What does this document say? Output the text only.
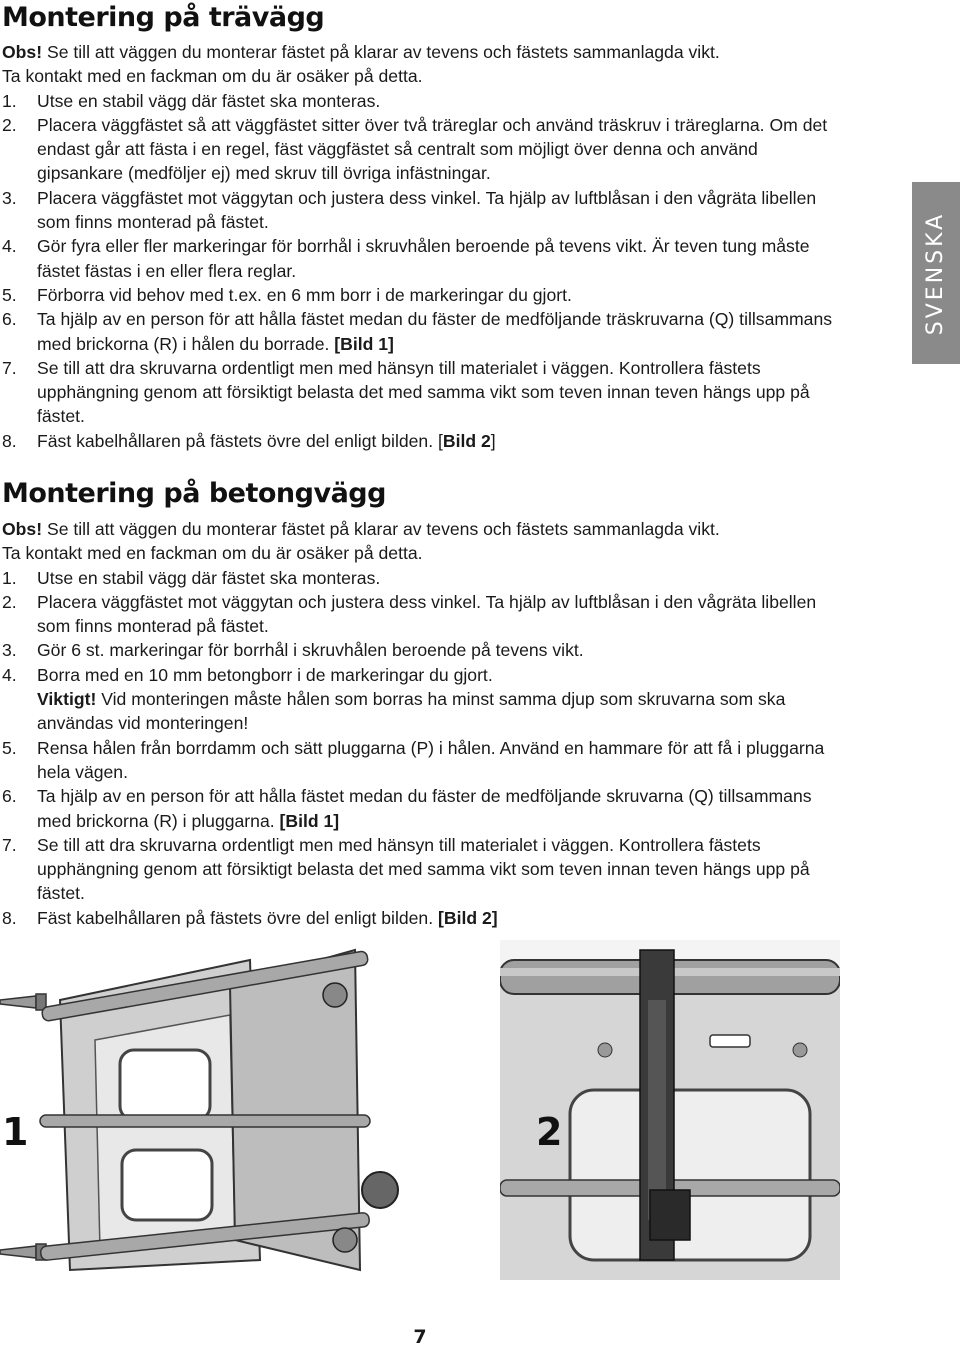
Montering på trävägg

Obs! Se till att väggen du monterar fästet på klarar av tevens och fästets sammanlagda vikt.

Ta kontakt med en fackman om du är osäker på detta.

1.	Utse en stabil vägg där fästet ska monteras.
2.	Placera väggfästet så att väggfästet sitter över två träreglar och använd träskruv i träreglarna. Om det endast går att fästa i en regel, fäst väggfästet så centralt som möjligt över denna och använd gipsankare (medföljer ej) med skruv till övriga infästningar.
3.	Placera väggfästet mot väggytan och justera dess vinkel. Ta hjälp av luftblåsan i den vågräta libellen som finns monterad på fästet.
4.	Gör fyra eller fler markeringar för borrhål i skruvhålen beroende på tevens vikt. Är teven tung måste fästet fästas i en eller flera reglar.
5.	Förborra vid behov med t.ex. en 6 mm borr i de markeringar du gjort.
6.	Ta hjälp av en person för att hålla fästet medan du fäster de medföljande träskruvarna (Q) tillsammans med brickorna (R) i hålen du borrade. [Bild 1]
7.	Se till att dra skruvarna ordentligt men med hänsyn till materialet i väggen. Kontrollera fästets upphängning genom att försiktigt belasta det med samma vikt som teven innan teven hängs upp på fästet.
8.	Fäst kabelhållaren på fästets övre del enligt bilden. [Bild 2]
Montering på betongvägg

Obs! Se till att väggen du monterar fästet på klarar av tevens och fästets sammanlagda vikt.

Ta kontakt med en fackman om du är osäker på detta.

1.	Utse en stabil vägg där fästet ska monteras.
2.	Placera väggfästet mot väggytan och justera dess vinkel. Ta hjälp av luftblåsan i den vågräta libellen som finns monterad på fästet.
3.	Gör 6 st. markeringar för borrhål i skruvhålen beroende på tevens vikt.
4.	Borra med en 10 mm betongborr i de markeringar du gjort.
Viktigt! Vid monteringen måste hålen som borras ha minst samma djup som skruvarna som ska användas vid monteringen!
5.	Rensa hålen från borrdamm och sätt pluggarna (P) i hålen. Använd en hammare för att få i pluggarna hela vägen.
6.	Ta hjälp av en person för att hålla fästet medan du fäster de medföljande skruvarna (Q) tillsammans med brickorna (R) i pluggarna. [Bild 1]
7.	Se till att dra skruvarna ordentligt men med hänsyn till materialet i väggen. Kontrollera fästets upphängning genom att försiktigt belasta det med samma vikt som teven innan teven hängs upp på fästet.
8.	Fäst kabelhållaren på fästets övre del enligt bilden. [Bild 2]
SVENSKA
1	2
7
